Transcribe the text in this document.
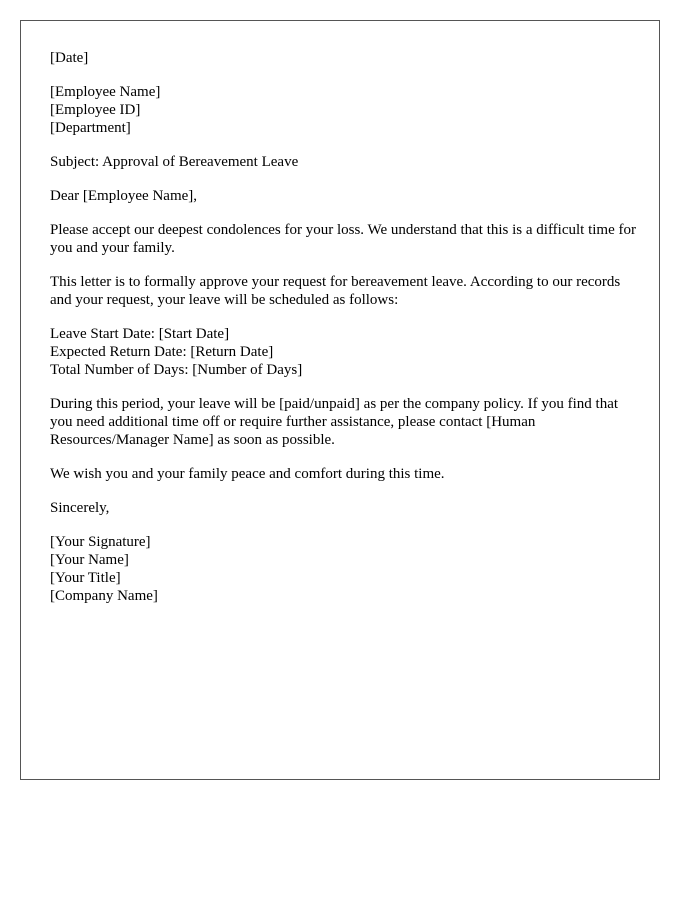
[Date]
[Employee Name]
[Employee ID]
[Department]
Subject: Approval of Bereavement Leave
Dear [Employee Name],

Please accept our deepest condolences for your loss. We understand that this is a difficult time for you and your family.

This letter is to formally approve your request for bereavement leave. According to our records and your request, your leave will be scheduled as follows:

Leave Start Date: [Start Date]
Expected Return Date: [Return Date]
Total Number of Days: [Number of Days]

During this period, your leave will be [paid/unpaid] as per the company policy. If you find that you need additional time off or require further assistance, please contact [Human Resources/Manager Name] as soon as possible.

We wish you and your family peace and comfort during this time.

Sincerely,
[Your Signature]
[Your Name]
[Your Title]
[Company Name]
